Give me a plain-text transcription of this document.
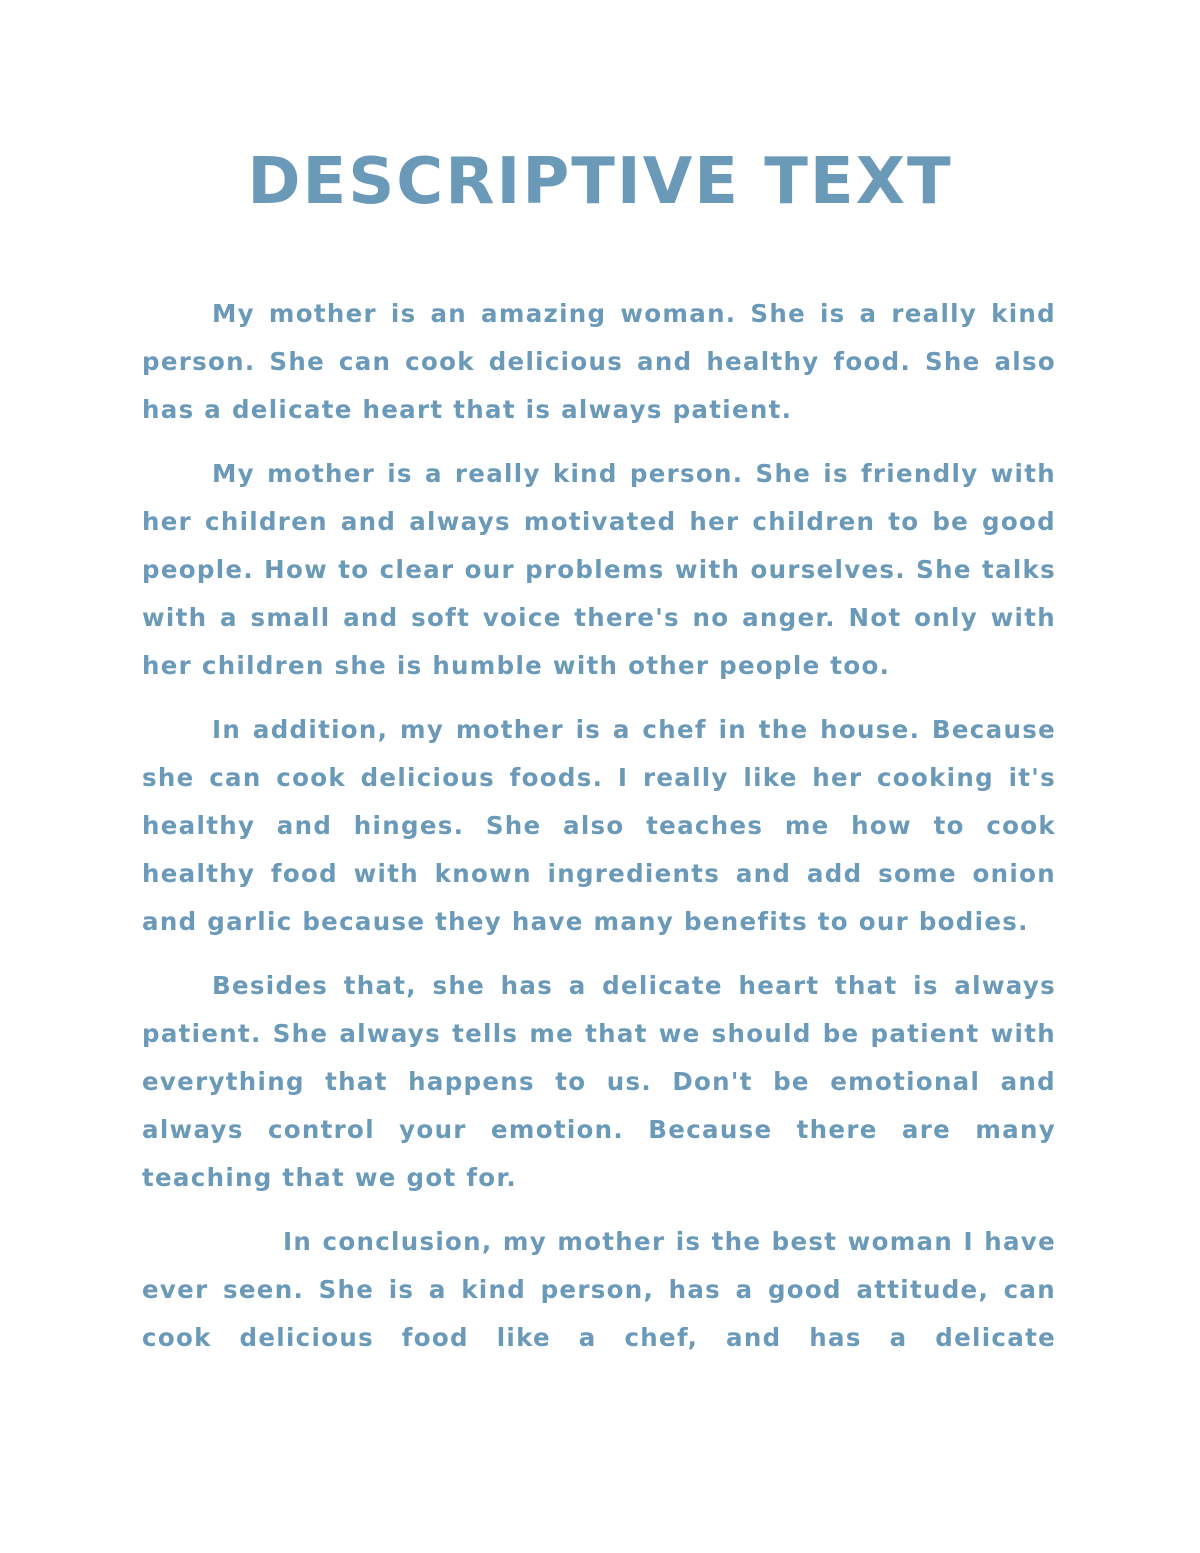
DESCRIPTIVE TEXT

My mother is an amazing woman. She is a really kind person. She can cook delicious and healthy food. She also has a delicate heart that is always patient.

My mother is a really kind person. She is friendly with her children and always motivated her children to be good people. How to clear our problems with ourselves. She talks with a small and soft voice there's no anger. Not only with her children she is humble with other people too.

In addition, my mother is a chef in the house. Because she can cook delicious foods. I really like her cooking it's healthy and hinges. She also teaches me how to cook healthy food with known ingredients and add some onion and garlic because they have many benefits to our bodies.

Besides that, she has a delicate heart that is always patient. She always tells me that we should be patient with everything that happens to us. Don't be emotional and always control your emotion. Because there are many teaching that we got for.

In conclusion, my mother is the best woman I have ever seen. She is a kind person, has a good attitude, can cook delicious food like a chef, and has a delicate
